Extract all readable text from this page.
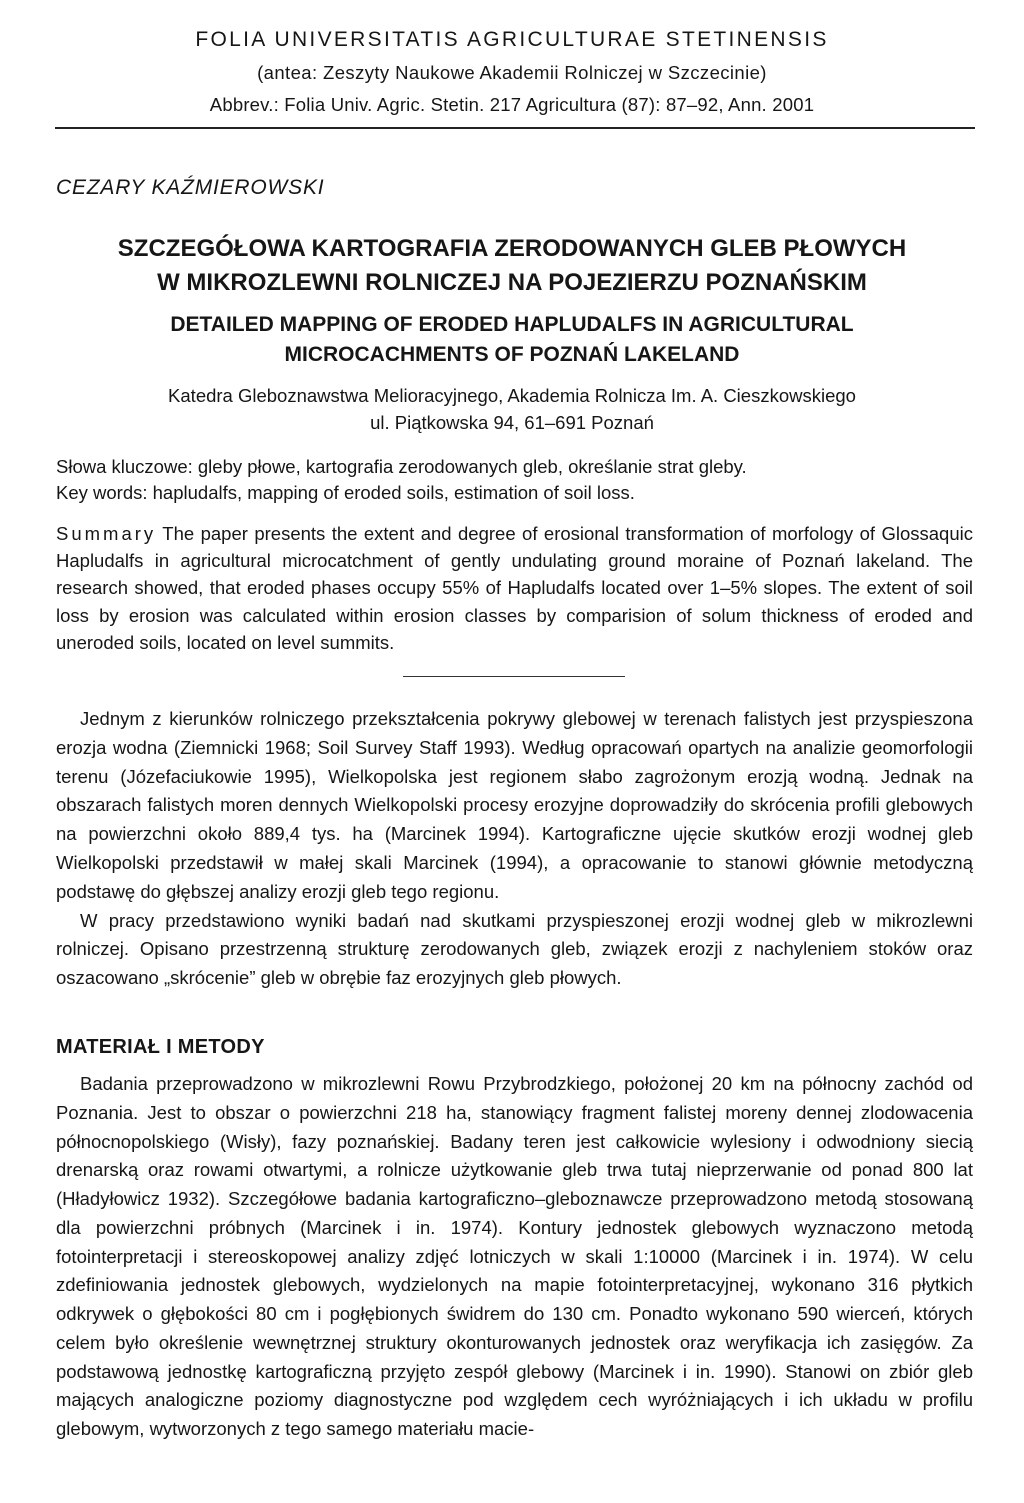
FOLIA UNIVERSITATIS AGRICULTURAE STETINENSIS
(antea: Zeszyty Naukowe Akademii Rolniczej w Szczecinie)
Abbrev.: Folia Univ. Agric. Stetin. 217 Agricultura (87): 87–92, Ann. 2001
CEZARY KAŹMIEROWSKI
SZCZEGÓŁOWA KARTOGRAFIA ZERODOWANYCH GLEB PŁOWYCH
W MIKROZLEWNI ROLNICZEJ NA POJEZIERZU POZNAŃSKIM
DETAILED MAPPING OF ERODED HAPLUDALFS IN AGRICULTURAL
MICROCACHMENTS OF POZNAŃ LAKELAND
Katedra Gleboznawstwa Melioracyjnego, Akademia Rolnicza Im. A. Cieszkowskiego
ul. Piątkowska 94, 61–691 Poznań
Słowa kluczowe: gleby płowe, kartografia zerodowanych gleb, określanie strat gleby.
Key words: hapludalfs, mapping of eroded soils, estimation of soil loss.
Summary The paper presents the extent and degree of erosional transformation of morfology of Glossaquic Hapludalfs in agricultural microcatchment of gently undulating ground moraine of Poznań lakeland. The research showed, that eroded phases occupy 55% of Hapludalfs located over 1–5% slopes. The extent of soil loss by erosion was calculated within erosion classes by comparision of solum thickness of eroded and uneroded soils, located on level summits.

Jednym z kierunków rolniczego przekształcenia pokrywy glebowej w terenach falistych jest przyspieszona erozja wodna (Ziemnicki 1968; Soil Survey Staff 1993). Według opracowań opartych na analizie geomorfologii terenu (Józefaciukowie 1995), Wielkopolska jest regionem słabo zagrożonym erozją wodną. Jednak na obszarach falistych moren dennych Wielkopolski procesy erozyjne doprowadziły do skrócenia profili glebowych na powierzchni około 889,4 tys. ha (Marcinek 1994). Kartograficzne ujęcie skutków erozji wodnej gleb Wielkopolski przedstawił w małej skali Marcinek (1994), a opracowanie to stanowi głównie metodyczną podstawę do głębszej analizy erozji gleb tego regionu.

W pracy przedstawiono wyniki badań nad skutkami przyspieszonej erozji wodnej gleb w mikrozlewni rolniczej. Opisano przestrzenną strukturę zerodowanych gleb, związek erozji z nachyleniem stoków oraz oszacowano „skrócenie” gleb w obrębie faz erozyjnych gleb płowych.

MATERIAŁ I METODY

Badania przeprowadzono w mikrozlewni Rowu Przybrodzkiego, położonej 20 km na północny zachód od Poznania. Jest to obszar o powierzchni 218 ha, stanowiący fragment falistej moreny dennej zlodowacenia północnopolskiego (Wisły), fazy poznańskiej. Badany teren jest całkowicie wylesiony i odwodniony siecią drenarską oraz rowami otwartymi, a rolnicze użytkowanie gleb trwa tutaj nieprzerwanie od ponad 800 lat (Hładyłowicz 1932). Szczegółowe badania kartograficzno–gleboznawcze przeprowadzono metodą stosowaną dla powierzchni próbnych (Marcinek i in. 1974). Kontury jednostek glebowych wyznaczono metodą fotointerpretacji i stereoskopowej analizy zdjęć lotniczych w skali 1:10000 (Marcinek i in. 1974). W celu zdefiniowania jednostek glebowych, wydzielonych na mapie fotointerpretacyjnej, wykonano 316 płytkich odkrywek o głębokości 80 cm i pogłębionych świdrem do 130 cm. Ponadto wykonano 590 wierceń, których celem było określenie wewnętrznej struktury okonturowanych jednostek oraz weryfikacja ich zasięgów. Za podstawową jednostkę kartograficzną przyjęto zespół glebowy (Marcinek i in. 1990). Stanowi on zbiór gleb mających analogiczne poziomy diagnostyczne pod względem cech wyróżniających i ich układu w profilu glebowym, wytworzonych z tego samego materiału macie-
